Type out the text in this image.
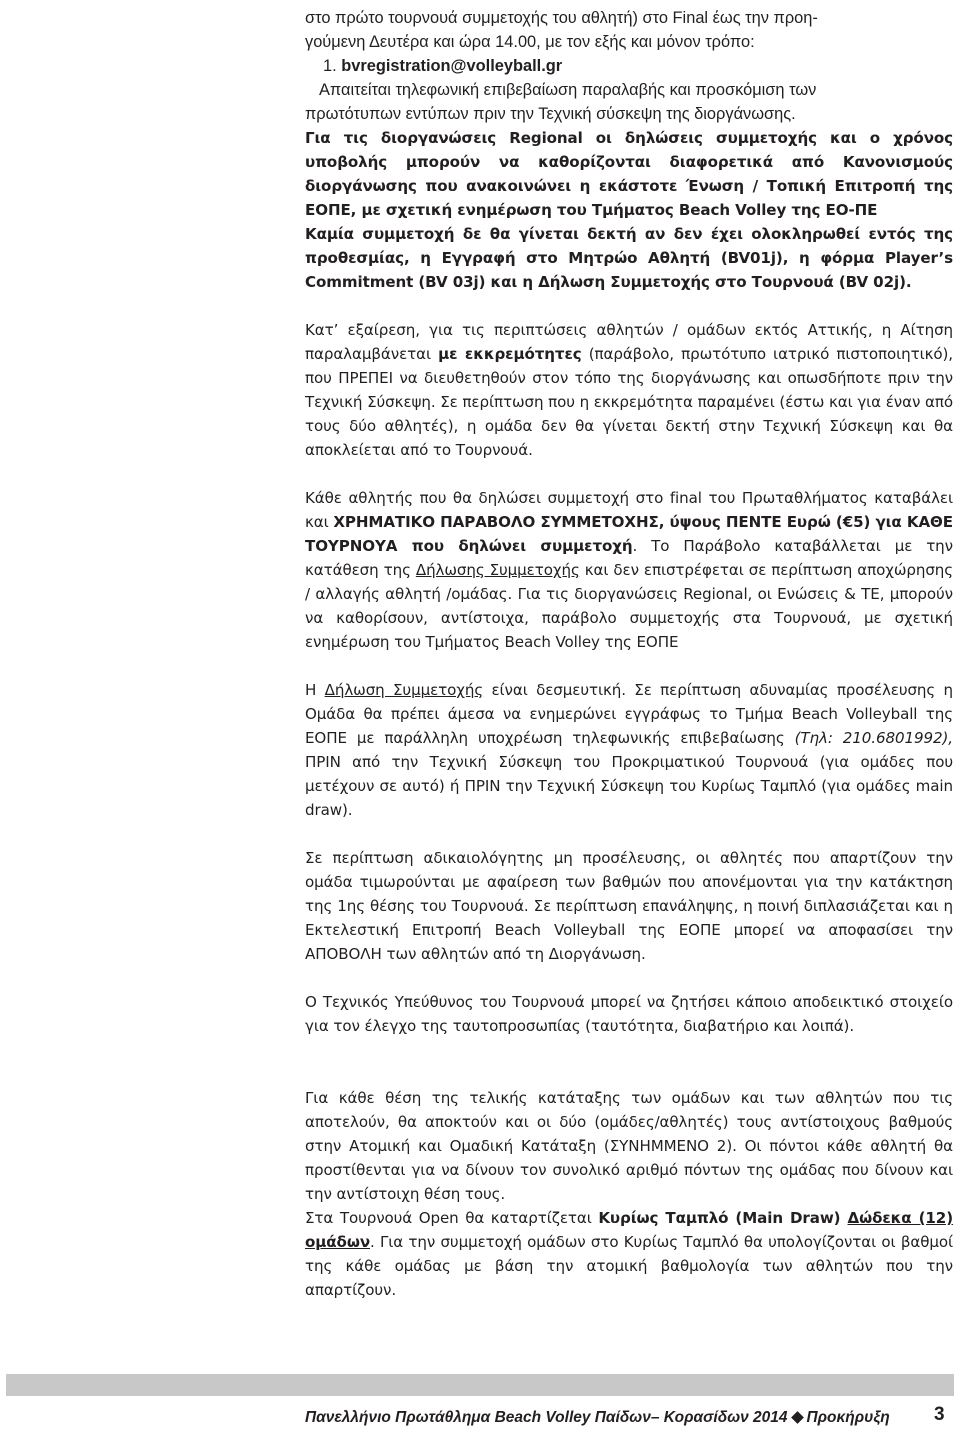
στο πρώτο τουρνουά συμμετοχής του αθλητή) στο Final έως την προη-

γούμενη Δευτέρα και ώρα 14.00, με τον εξής και μόνον τρόπο:

1. bvregistration@volleyball.gr

Απαιτείται τηλεφωνική επιβεβαίωση παραλαβής και προσκόμιση των

πρωτότυπων εντύπων πριν την Τεχνική σύσκεψη της διοργάνωσης.

Για τις διοργανώσεις Regional οι δηλώσεις συμμετοχής και ο χρόνος υποβολής μπορούν να καθορίζονται διαφορετικά από Κανονισμούς διοργάνωσης που ανακοινώνει η εκάστοτε Ένωση / Τοπική Επιτροπή της ΕΟΠΕ, με σχετική ενημέρωση του Τμήματος Beach Volley της ΕΟ-ΠΕ

Καμία συμμετοχή δε θα γίνεται δεκτή αν δεν έχει ολοκληρωθεί εντός της προθεσμίας, η Εγγραφή στο Μητρώο Αθλητή (BV01j), η φόρμα Player’s Commitment (BV 03j) και η Δήλωση Συμμετοχής στο Τουρνουά (BV 02j).

Κατ’ εξαίρεση, για τις περιπτώσεις αθλητών / ομάδων εκτός Αττικής, η Αίτηση παραλαμβάνεται με εκκρεμότητες (παράβολο, πρωτότυπο ιατρικό πιστοποιητικό), που ΠΡΕΠΕΙ να διευθετηθούν στον τόπο της διοργάνωσης και οπωσδήποτε πριν την Τεχνική Σύσκεψη. Σε περίπτωση που η εκκρεμότητα παραμένει (έστω και για έναν από τους δύο αθλητές), η ομάδα δεν θα γίνεται δεκτή στην Τεχνική Σύσκεψη και θα αποκλείεται από το Τουρνουά.

Κάθε αθλητής που θα δηλώσει συμμετοχή στο final του Πρωταθλήματος καταβάλει και ΧΡΗΜΑΤΙΚΟ ΠΑΡΑΒΟΛΟ ΣΥΜΜΕΤΟΧΗΣ, ύψους ΠΕΝΤΕ Ευρώ (€5) για ΚΑΘΕ ΤΟΥΡΝΟΥΑ που δηλώνει συμμετοχή. Το Παράβολο καταβάλλεται με την κατάθεση της Δήλωσης Συμμετοχής και δεν επιστρέφεται σε περίπτωση αποχώρησης / αλλαγής αθλητή /ομάδας. Για τις διοργανώσεις Regional, οι Ενώσεις & ΤΕ, μπορούν να καθορίσουν, αντίστοιχα, παράβολο συμμετοχής στα Τουρνουά, με σχετική ενημέρωση του Τμήματος Beach Volley της ΕΟΠΕ

Η Δήλωση Συμμετοχής είναι δεσμευτική. Σε περίπτωση αδυναμίας προσέλευσης η Ομάδα θα πρέπει άμεσα να ενημερώνει εγγράφως το Τμήμα Beach Volleyball της ΕΟΠΕ με παράλληλη υποχρέωση τηλεφωνικής επιβεβαίωσης (Τηλ: 210.6801992), ΠΡΙΝ από την Τεχνική Σύσκεψη του Προκριματικού Τουρνουά (για ομάδες που μετέχουν σε αυτό) ή ΠΡΙΝ την Τεχνική Σύσκεψη του Κυρίως Ταμπλό (για ομάδες main draw).

Σε περίπτωση αδικαιολόγητης μη προσέλευσης, οι αθλητές που απαρτίζουν την ομάδα τιμωρούνται με αφαίρεση των βαθμών που απονέμονται για την κατάκτηση της 1ης θέσης του Τουρνουά. Σε περίπτωση επανάληψης, η ποινή διπλασιάζεται και η Εκτελεστική Επιτροπή Beach Volleyball της ΕΟΠΕ μπορεί να αποφασίσει την ΑΠΟΒΟΛΗ των αθλητών από τη Διοργάνωση.

Ο Τεχνικός Υπεύθυνος του Τουρνουά μπορεί να ζητήσει κάποιο αποδεικτικό στοιχείο για τον έλεγχο της ταυτοπροσωπίας (ταυτότητα, διαβατήριο και λοιπά).

Για κάθε θέση της τελικής κατάταξης των ομάδων και των αθλητών που τις αποτελούν, θα αποκτούν και οι δύο (ομάδες/αθλητές) τους αντίστοιχους βαθμούς στην Ατομική και Ομαδική Κατάταξη (ΣΥΝΗΜΜΕΝΟ 2). Οι πόντοι κάθε αθλητή θα προστίθενται για να δίνουν τον συνολικό αριθμό πόντων της ομάδας που δίνουν και την αντίστοιχη θέση τους.

Στα Τουρνουά Open θα καταρτίζεται Κυρίως Ταμπλό (Main Draw) Δώδεκα (12) ομάδων. Για την συμμετοχή ομάδων στο Κυρίως Ταμπλό θα υπολογίζονται οι βαθμοί της κάθε ομάδας με βάση την ατομική βαθμολογία των αθλητών που την απαρτίζουν.

Πανελλήνιο Πρωτάθλημα Beach Volley Παίδων– Κορασίδων 2014 Προκήρυξη	3
